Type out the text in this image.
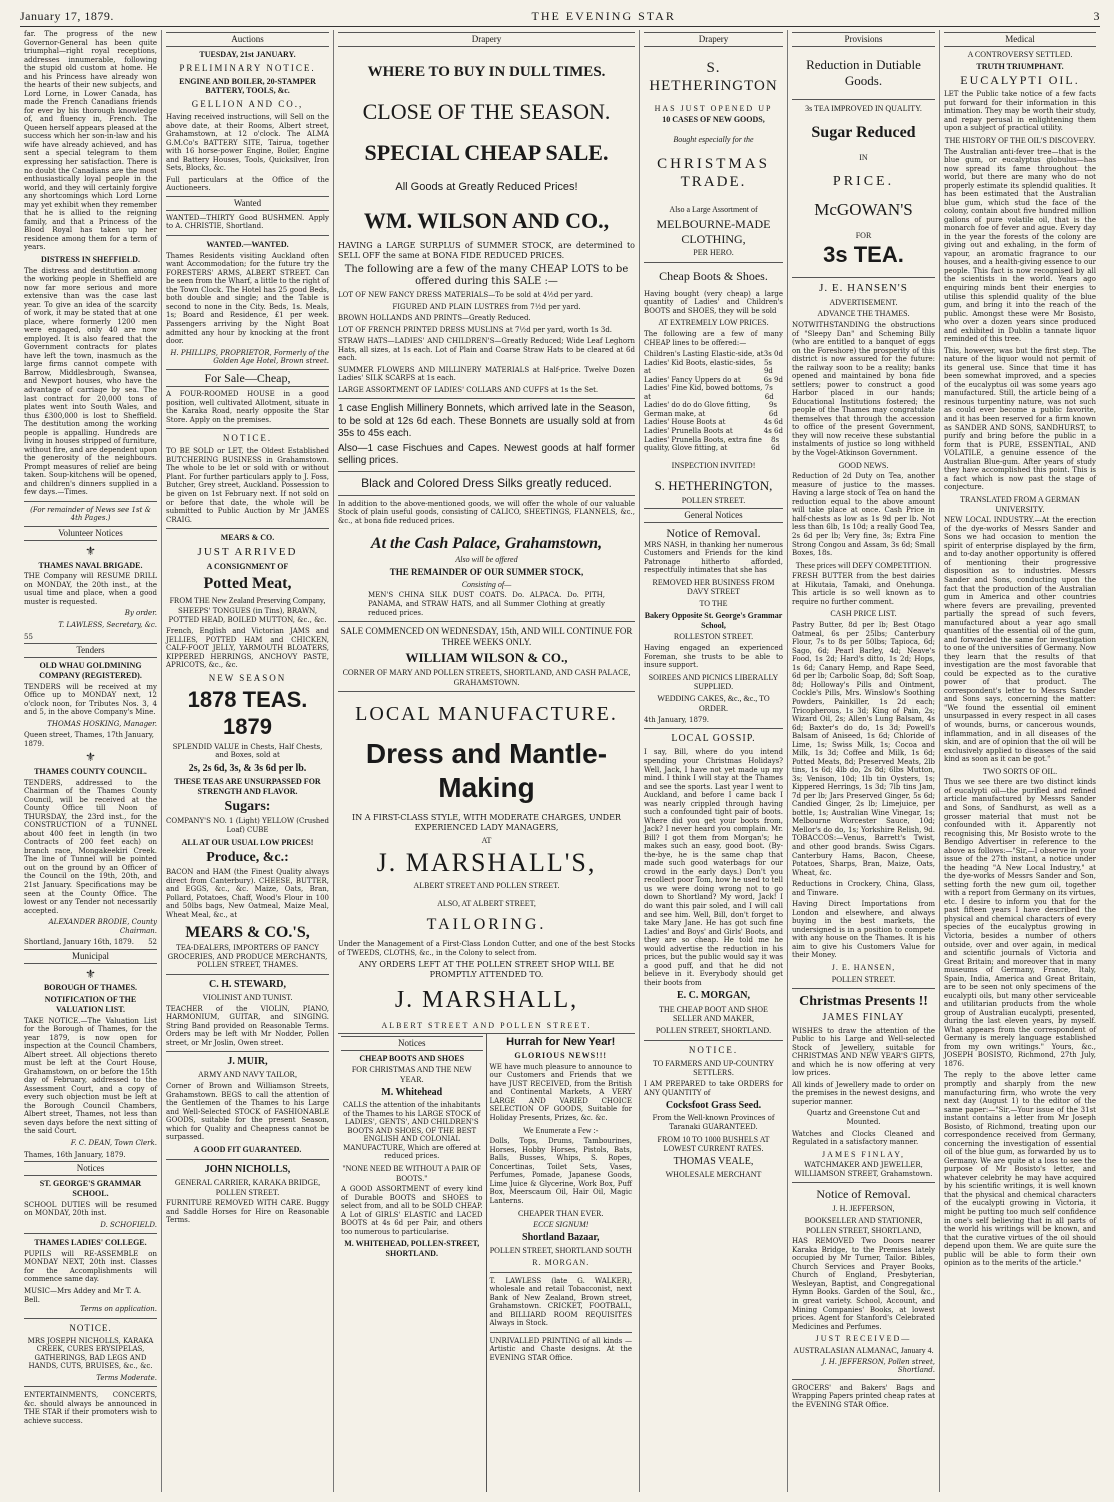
January 17, 1879.	THE EVENING STAR	3

far. The progress of the new Governor-General has been quite triumphal—right royal receptions, addresses innumerable, following the stupid old custom at home. He and his Princess have already won the hearts of their new subjects, and Lord Lorne, in Lower Canada, has made the French Canadians friends for ever by his thorough knowledge of, and fluency in, French. The Queen herself appears pleased at the success which her son-in-law and his wife have already achieved, and has sent a special telegram to them expressing her satisfaction. There is no doubt the Canadians are the most enthusiastically loyal people in the world, and they will certainly forgive any shortcomings which Lord Lorne may yet exhibit when they remember that he is allied to the reigning family, and that a Princess of the Blood Royal has taken up her residence among them for a term of years.

DISTRESS IN SHEFFIELD.

The distress and destitution among the working people in Sheffield are now far more serious and more extensive than was the case last year. To give an idea of the scarcity of work, it may be stated that at one place, where formerly 1200 men were engaged, only 40 are now employed. It is also feared that the Government contracts for plates have left the town, inasmuch as the large firms cannot compete with Barrow, Middlesbrough, Swansea, and Newport houses, who have the advantage of carriage by sea. The last contract for 20,000 tons of plates went into South Wales, and thus £300,000 is lost to Sheffield. The destitution among the working people is appalling. Hundreds are living in houses stripped of furniture, without fire, and are dependent upon the generosity of the neighbours. Prompt measures of relief are being taken. Soup-kitchens will be opened, and children's dinners supplied in a few days.—Times.

(For remainder of News see 1st & 4th Pages.)

Volunteer Notices
⚜
THAMES NAVAL BRIGADE.

THE Company will RESUME DRILL on MONDAY, the 20th inst., at the usual time and place, when a good muster is requested.

By order.
T. LAWLESS, Secretary, &c.
55
Tenders
OLD WHAU GOLDMINING COMPANY (REGISTERED).

TENDERS will be received at my Office up to MONDAY next, 12 o'clock noon, for Tributes Nos. 3, 4 and 5, in the above Company's Mine.

THOMAS HOSKING, Manager.
Queen street, Thames, 17th January, 1879.
⚜
THAMES COUNTY COUNCIL.

TENDERS, addressed to the Chairman of the Thames County Council, will be received at the County Office till Noon of THURSDAY, the 23rd inst., for the CONSTRUCTION of a TUNNEL about 400 feet in length (in two Contracts of 200 feet each) on branch race, Mongakeekiri Creek. The line of Tunnel will be pointed out on the ground by an Officer of the Council on the 19th, 20th, and 21st January. Specifications may be seen at the County Office. The lowest or any Tender not necessarily accepted.

ALEXANDER BRODIE, County Chairman.
Shortland, January 16th, 1879. 52
Municipal
⚜
BOROUGH OF THAMES.
NOTIFICATION OF THE VALUATION LIST.

TAKE NOTICE.—The Valuation List for the Borough of Thames, for the year 1879, is now open for inspection at the Council Chambers, Albert street. All objections thereto must be left at the Court House, Grahamstown, on or before the 15th day of February, addressed to the Assessment Court, and a copy of every such objection must be left at the Borough Council Chambers, Albert street, Thames, not less than seven days before the next sitting of the said Court.

F. C. DEAN, Town Clerk.
Thames, 16th January, 1879.
Notices
ST. GEORGE'S GRAMMAR SCHOOL.

SCHOOL DUTIES will be resumed on MONDAY, 20th inst.

D. SCHOFIELD.
THAMES LADIES' COLLEGE.

PUPILS will RE-ASSEMBLE on MONDAY NEXT, 20th inst. Classes for the Accomplishments will commence same day.

MUSIC—Mrs Addey and Mr T. A. Bell.
Terms on application.
NOTICE.

MRS JOSEPH NICHOLLS, KARAKA CREEK, CURES ERYSIPELAS, GATHERINGS, BAD LEGS AND HANDS, CUTS, BRUISES, &c., &c.

Terms Moderate.

ENTERTAINMENTS, CONCERTS, &c. should always be announced in THE STAR if their promoters wish to achieve success.

Auctions
TUESDAY, 21st JANUARY.
PRELIMINARY NOTICE.
ENGINE AND BOILER, 20-STAMPER BATTERY, TOOLS, &c.
GELLION AND CO.,

Having received instructions, will Sell on the above date, at their Rooms, Albert street, Grahamstown, at 12 o'clock. The ALMA G.M.Co's BATTERY SITE, Tairua, together with 16 horse-power Engine, Boiler, Engine and Battery Houses, Tools, Quicksilver, Iron Sets, Blocks, &c.

Full particulars at the Office of the Auctioneers.

Wanted

WANTED—THIRTY Good BUSHMEN. Apply to A. CHRISTIE, Shortland.

WANTED.—WANTED.

Thames Residents visiting Auckland often want Accommodation; for the future try the FORESTERS' ARMS, ALBERT STREET. Can be seen from the Wharf, a little to the right of the Town Clock. The Hotel has 25 good Beds, both double and single; and the Table is second to none in the City. Beds, 1s. Meals, 1s; Board and Residence, £1 per week. Passengers arriving by the Night Boat admitted any hour by knocking at the front door.

H. PHILLIPS, PROPRIETOR, Formerly of the Golden Age Hotel, Brown street.
For Sale—Cheap,

A FOUR-ROOMED HOUSE in a good position, well cultivated Allotment, situate in the Karaka Road, nearly opposite the Star Store. Apply on the premises.

NOTICE.

TO BE SOLD or LET, the Oldest Established BUTCHERING BUSINESS in Grahamstown. The whole to be let or sold with or without Plant. For further particulars apply to J. Foss, Butcher, Grey street, Auckland. Possession to be given on 1st February next. If not sold on or before that date, the whole will be submitted to Public Auction by Mr JAMES CRAIG.

MEARS & CO.
JUST ARRIVED
A CONSIGNMENT OF
Potted Meat,
FROM THE New Zealand Preserving Company,

SHEEPS' TONGUES (in Tins), BRAWN, POTTED HEAD, BOILED MUTTON, &c., &c.

French, English and Victorian JAMS and JELLIES, POTTED HAM and CHICKEN, CALF-FOOT JELLY, YARMOUTH BLOATERS, KIPPERED HERRINGS, ANCHOVY PASTE, APRICOTS, &c., &c.

NEW SEASON
1878 TEAS. 1879

SPLENDID VALUE in Chests, Half Chests, and Boxes, sold at

2s, 2s 6d, 3s, & 3s 6d per lb.
THESE TEAS ARE UNSURPASSED FOR STRENGTH AND FLAVOR.
Sugars:

COMPANY'S NO. 1 (Light) YELLOW (Crushed Loaf) CUBE

ALL AT OUR USUAL LOW PRICES!
Produce, &c.:

BACON and HAM (the Finest Quality always direct from Canterbury). CHEESE, BUTTER, and EGGS, &c., &c. Maize, Oats, Bran, Pollard, Potatoes, Chaff, Wood's Flour in 100 and 50lbs bags, New Oatmeal, Maize Meal, Wheat Meal, &c., at

MEARS & CO.'S,

TEA-DEALERS, IMPORTERS OF FANCY GROCERIES, AND PRODUCE MERCHANTS, POLLEN STREET, THAMES.

C. H. STEWARD,
VIOLINIST AND TUNIST.

TEACHER of the VIOLIN, PIANO, HARMONIUM, GUITAR, and SINGING. String Band provided on Reasonable Terms. Orders may be left with Mr Nodder, Pollen street, or Mr Joslin, Owen street.

J. MUIR,
ARMY AND NAVY TAILOR,

Corner of Brown and Williamson Streets, Grahamstown. BEGS to call the attention of the Gentlemen of the Thames to his Large and Well-Selected STOCK of FASHIONABLE GOODS, suitable for the present Season, which for Quality and Cheapness cannot be surpassed.

A GOOD FIT GUARANTEED.
JOHN NICHOLLS,
GENERAL CARRIER, KARAKA BRIDGE, POLLEN STREET.

FURNITURE REMOVED WITH CARE. Buggy and Saddle Horses for Hire on Reasonable Terms.

Drapery
WHERE TO BUY IN DULL TIMES.
CLOSE OF THE SEASON.
SPECIAL CHEAP SALE.
All Goods at Greatly Reduced Prices!
WM. WILSON AND CO.,

HAVING a LARGE SURPLUS of SUMMER STOCK, are determined to SELL OFF the same at BONA FIDE REDUCED PRICES.

The following are a few of the many CHEAP LOTS to be offered during this SALE :—

LOT OF NEW FANCY DRESS MATERIALS—To be sold at 4½d per yard.

FIGURED AND PLAIN LUSTRES from 7½d per yard.

BROWN HOLLANDS AND PRINTS—Greatly Reduced.

LOT OF FRENCH PRINTED DRESS MUSLINS at 7½d per yard, worth 1s 3d.

STRAW HATS—LADIES' AND CHILDREN'S—Greatly Reduced; Wide Leaf Leghorn Hats, all sizes, at 1s each. Lot of Plain and Coarse Straw Hats to be cleared at 6d each.

SUMMER FLOWERS AND MILLINERY MATERIALS at Half-price. Twelve Dozen Ladies' SILK SCARFS at 1s each.

LARGE ASSORTMENT OF LADIES' COLLARS AND CUFFS at 1s the Set.

1 case English Millinery Bonnets, which arrived late in the Season, to be sold at 12s 6d each. These Bonnets are usually sold at from 35s to 45s each.

Also—1 case Fischues and Capes. Newest goods at half former selling prices.

Black and Colored Dress Silks greatly reduced.

In addition to the above-mentioned goods, we will offer the whole of our valuable Stock of plain useful goods, consisting of CALICO, SHEETINGS, FLANNELS, &c., &c., at bona fide reduced prices.

At the Cash Palace, Grahamstown,
Also will be offered
THE REMAINDER OF OUR SUMMER STOCK,
Consisting of—

MEN'S CHINA SILK DUST COATS. Do. ALPACA. Do. PITH, PANAMA, and STRAW HATS, and all Summer Clothing at greatly reduced prices.

SALE COMMENCED ON WEDNESDAY, 15th, AND WILL CONTINUE FOR THREE WEEKS ONLY.
WILLIAM WILSON & CO.,
CORNER OF MARY AND POLLEN STREETS, SHORTLAND, AND CASH PALACE, GRAHAMSTOWN.
LOCAL MANUFACTURE.
Dress and Mantle-Making

IN A FIRST-CLASS STYLE, WITH MODERATE CHARGES, UNDER EXPERIENCED LADY MANAGERS,

AT
J. MARSHALL'S,
ALBERT STREET AND POLLEN STREET.
ALSO, AT ALBERT STREET,
TAILORING.

Under the Management of a First-Class London Cutter, and one of the best Stocks of TWEEDS, CLOTHS, &c., in the Colony to select from.

ANY ORDERS LEFT AT THE POLLEN STREET SHOP WILL BE PROMPTLY ATTENDED TO.

J. MARSHALL,
ALBERT STREET AND POLLEN STREET.
Notices
CHEAP BOOTS AND SHOES
FOR CHRISTMAS AND THE NEW YEAR.
M. Whitehead

CALLS the attention of the inhabitants of the Thames to his LARGE STOCK of LADIES', GENTS', AND CHILDREN'S BOOTS AND SHOES, OF THE BEST ENGLISH AND COLONIAL MANUFACTURE, Which are offered at reduced prices.

"NONE NEED BE WITHOUT A PAIR OF BOOTS."

A GOOD ASSORTMENT of every kind of Durable BOOTS and SHOES to select from, and all to be SOLD CHEAP. A Lot of GIRLS' ELASTIC and LACED BOOTS at 4s 6d per Pair, and others too numerous to particularise.

M. WHITEHEAD, POLLEN-STREET, SHORTLAND.
Hurrah for New Year!
GLORIOUS NEWS!!!

WE have much pleasure to announce to our Customers and Friends that we have JUST RECEIVED, from the British and Continental Markets, A VERY LARGE AND VARIED CHOICE SELECTION OF GOODS, Suitable for Holiday Presents, Prizes, &c. &c.

We Enumerate a Few :-

Dolls, Tops, Drums, Tambourines, Horses, Hobby Horses, Pistols, Bats, Balls, Busses, Whips, S. Ropes, Concertinas, Toilet Sets, Vases, Perfumes, Pomade, Japanese Goods, Lime Juice & Glycerine, Work Box, Puff Box, Meerscaum Oil, Hair Oil, Magic Lanterns.

CHEAPER THAN EVER.
ECCE SIGNUM!
Shortland Bazaar,
POLLEN STREET, SHORTLAND SOUTH
R. MORGAN.

T. LAWLESS (late G. WALKER), wholesale and retail Tobacconist, next Bank of New Zealand, Brown street, Grahamstown. CRICKET, FOOTBALL, and BILLIARD ROOM REQUISITES Always in Stock.

UNRIVALLED PRINTING of all kinds —Artistic and Chaste designs. At the EVENING STAR Office.

Drapery
S. HETHERINGTON
HAS JUST OPENED UP
10 CASES OF NEW GOODS,
Bought especially for the
CHRISTMAS
TRADE.
Also a Large Assortment of
MELBOURNE-MADE
CLOTHING,
PER HERO.
Cheap Boots & Shoes.

Having bought (very cheap) a large quantity of Ladies' and Children's BOOTS and SHOES, they will be sold

AT EXTREMELY LOW PRICES.

The following are a few of many CHEAP lines to be offered:—

Children's Lasting Elastic-side, at 3s 0d
Ladies' Kid Boots, elastic-sides, at
5s 9d
Ladies' Fancy Uppers do at	6s 9d
Ladies' Fine Kid, bowed bottoms, at
7s 6d
Ladies' do do do Glove fitting, German make, at
9s 6d
Ladies' House Boots at	4s 6d
Ladies' Prunella Boots at	4s 6d
Ladies' Prunella Boots, extra fine quality, Glove fitting, at
8s 6d
INSPECTION INVITED!
S. HETHERINGTON,
POLLEN STREET.
General Notices
Notice of Removal.

MRS NASH, in thanking her numerous Customers and Friends for the kind Patronage hitherto afforded, respectfully intimates that she has

REMOVED HER BUSINESS FROM DAVY STREET
TO THE
Bakery Opposite St. George's Grammar School,
ROLLESTON STREET.

Having engaged an experienced Foreman, she trusts to be able to insure support.

SOIREES AND PICNICS LIBERALLY SUPPLIED.
WEDDING CAKES, &c., &c., TO ORDER.
4th January, 1879.
LOCAL GOSSIP.

I say, Bill, where do you intend spending your Christmas Holidays? Well, Jack, I have not yet made up my mind. I think I will stay at the Thames and see the sports. Last year I went to Auckland, and before I came back I was nearly crippled through having such a confounded tight pair of boots. Where did you get your boots from, Jack? I never heard you complain. Mr. Bill? I got them from Morgan's; he makes such an easy, good boot. (By-the-bye, he is the same chap that made such good waterbags for our crowd in the early days.) Don't you recollect poor Tom, how he used to tell us we were doing wrong not to go down to Shortland? My word, Jack! I do want this pair soled, and I will call and see him. Well, Bill, don't forget to take Mary Jane. He has got such fine Ladies' and Boys' and Girls' Boots, and they are so cheap. He told me he would advertise the reduction in his prices, but the public would say it was a good puff, and that he did not believe in it. Everybody should get their boots from

E. C. MORGAN,
THE CHEAP BOOT AND SHOE SELLER AND MAKER,
POLLEN STREET, SHORTLAND.
NOTICE.
TO FARMERS AND UP-COUNTRY SETTLERS.

I AM PREPARED to take ORDERS for ANY QUANTITY of

Cocksfoot Grass Seed.

From the Well-known Provinces of Taranaki GUARANTEED.

FROM 10 TO 1000 BUSHELS AT LOWEST CURRENT RATES.
THOMAS VEALE,
WHOLESALE MERCHANT
Provisions
Reduction in Dutiable Goods.
3s TEA IMPROVED IN QUALITY.
Sugar Reduced
IN
PRICE.
McGOWAN'S
FOR
3s TEA.
J. E. HANSEN'S
ADVERTISEMENT.
ADVANCE THE THAMES.

NOTWITHSTANDING the obstructions of "Sleepy Dan" and Scheming Billy (who are entitled to a banquet of eggs on the Foreshore) the prosperity of this district is now assured for the future: the railway soon to be a reality; banks opened and maintained by bona fide settlers; power to construct a good Harbor placed in our hands; Educational Institutions fostered; the people of the Thames may congratulate themselves that through the accession to office of the present Government, they will now receive these substantial instalments of justice so long withheld by the Vogel-Atkinson Government.

GOOD NEWS.

Reduction of 2d Duty on Tea, another measure of justice to the masses. Having a large stock of Tea on hand the reduction equal to the above amount will take place at once. Cash Price in half-chests as low as 1s 9d per lb. Not less than 6lb, 1s 10d; a really Good Tea, 2s 6d per lb; Very fine, 3s; Extra Fine Strong Congou and Assam, 3s 6d; Small Boxes, 18s.

These prices will DEFY COMPETITION.

FRESH BUTTER from the best dairies at Hikutaia, Tamaki, and Onehunga. This article is so well known as to require no further comment.

CASH PRICE LIST.

Pastry Butter, 8d per lb; Best Otago Oatmeal, 6s per 25lbs; Canterbury Flour, 7s to 8s per 50lbs; Tapioca, 6d; Sago, 6d; Pearl Barley, 4d; Neave's Food, 1s 2d; Hard's ditto, 1s 2d; Hops, 1s 6d; Canary Hemp, and Rape Seed, 6d per lb; Carbolic Soap, 8d; Soft Soap, 8d; Holloway's Pills and Ointment, Cockle's Pills, Mrs. Winslow's Soothing Powders, Painkiller, 1s 2d each; Tricopherous, 1s 3d; King of Pain, 2s; Wizard Oil, 2s; Allen's Lung Balsam, 4s 6d; Baxter's do do, 1s 3d; Powell's Balsam of Aniseed, 1s 6d; Chloride of Lime, 1s; Swiss Milk, 1s; Cocoa and Milk, 1s 3d; Coffee and Milk, 1s 6d; Potted Meats, 8d; Preserved Meats, 2lb tins, 1s 6d; 4lb do, 2s 8d; 6lbs Mutton, 3s; Venison, 10d; 1lb tin Oysters, 1s; Kippered Herrings, 1s 3d; 7lb tins Jam, 7d per lb; Jars Preserved Ginger, 5s 6d; Candied Ginger, 2s lb; Limejuice, per bottle, 1s; Australian Wine Vinegar, 1s; Melbourne Worcester Sauce, 10d; Mellor's do do, 1s; Yorkshire Relish, 9d. TOBACCOS:—Venus, Barrett's Twist, and other good brands. Swiss Cigars. Canterbury Hams, Bacon, Cheese, Potatoes, Sharps, Bran, Maize, Oats, Wheat, &c.

Reductions in Crockery, China, Glass, and Tinware.

Having Direct Importations from London and elsewhere, and always buying in the best markets, the undersigned is in a position to compete with any house on the Thames. It is his aim to give his Customers Value for their Money.

J. E. HANSEN,
POLLEN STREET.
Christmas Presents !!
JAMES FINLAY

WISHES to draw the attention of the Public to his Large and Well-selected Stock of Jewellery, suitable for CHRISTMAS AND NEW YEAR'S GIFTS, and which he is now offering at very low prices.

All kinds of Jewellery made to order on the premises in the newest designs, and superior manner.

Quartz and Greenstone Cut and Mounted.

Watches and Clocks Cleaned and Regulated in a satisfactory manner.

JAMES FINLAY,

WATCHMAKER AND JEWELLER, WILLIAMSON STREET, Grahamstown.

Notice of Removal.
J. H. JEFFERSON,
BOOKSELLER AND STATIONER, POLLEN STREET, SHORTLAND,

HAS REMOVED Two Doors nearer Karaka Bridge, to the Premises lately occupied by Mr Turner, Tailor. Bibles, Church Services and Prayer Books, Church of England, Presbyterian, Wesleyan, Baptist, and Congregational Hymn Books. Garden of the Soul, &c., in great variety. School, Account, and Mining Companies' Books, at lowest prices. Agent for Stanford's Celebrated Medicines and Perfumes.

JUST RECEIVED—
AUSTRALASIAN ALMANAC, January 4.
J. H. JEFFERSON, Pollen street, Shortland.

GROCERS' and Bakers' Bags and Wrapping Papers printed cheap rates at the EVENING STAR Office.

Medical
A CONTROVERSY SETTLED.
TRUTH TRIUMPHANT.
EUCALYPTI OIL.

LET the Public take notice of a few facts put forward for their information in this intimation. They may be worth their study, and repay perusal in enlightening them upon a subject of practical utility.

THE HISTORY OF THE OIL'S DISCOVERY.

The Australian anti-fever tree—that is the blue gum, or eucalyptus globulus—has now spread its fame throughout the world, but there are many who do not properly estimate its splendid qualities. It has been estimated that the Australian blue gum, which stud the face of the colony, contain about five hundred million gallons of pure volatile oil, that is the monarch foe of fever and ague. Every day in the year the forests of the colony are giving out and exhaling, in the form of vapour, an aromatic fragrance to our houses, and a health-giving essence to our people. This fact is now recognised by all the scientists in the world. Years ago enquiring minds bent their energies to utilise this splendid quality of the blue gum, and bring it into the reach of the public. Amongst these were Mr Bosisto, who over a dozen years since produced and exhibited in Dublin a tannate liquor reminded of this tree.

This, however, was but the first step. The nature of the liquor would not permit of its general use. Since that time it has been somewhat improved, and a species of the eucalyptus oil was some years ago manufactured. Still, the article being of a resinous turpentiny nature, was not such as could ever become a public favorite, and it has been reserved for a firm known as SANDER AND SONS, SANDHURST, to purify and bring before the public in a form that is PURE, ESSENTIAL, AND VOLATILE, a genuine essence of the Australian Blue-gum. After years of study they have accomplished this point. This is a fact which is now past the stage of conjecture.

TRANSLATED FROM A GERMAN UNIVERSITY.

NEW LOCAL INDUSTRY.—At the erection of the dye-works of Messrs Sander and Sons we had occasion to mention the spirit of enterprise displayed by the firm, and to-day another opportunity is offered of mentioning their progressive disposition as to industries. Messrs Sander and Sons, conducting upon the fact that the production of the Australian gum in America and other countries where fevers are prevailing, prevented partially the spread of such fevers, manufactured about a year ago small quantities of the essential oil of the gum, and forwarded the same for investigation to one of the universities of Germany. Now they learn that the results of that investigation are the most favorable that could be expected as to the curative power of that product. The correspondent's letter to Messrs Sander and Sons says, concerning the matter: "We found the essential oil eminent unsurpassed in every respect in all cases of wounds, burns, or cancerous wounds, inflammation, and in all diseases of the skin, and are of opinion that the oil will be exclusively applied to diseases of the said kind as soon as it can be got."

TWO SORTS OF OIL.

Thus we see there are two distinct kinds of eucalypti oil—the purified and refined article manufactured by Messrs Sander and Sons, of Sandhurst, as well as a grosser material that must not be confounded with it. Apparently not recognising this, Mr Bosisto wrote to the Bendigo Advertiser in reference to the above as follows:—"Sir,—I observe in your issue of the 27th instant, a notice under the heading "A New Local Industry," at the dye-works of Messrs Sander and Son, setting forth the new gum oil, together with a report from Germany on its virtues, etc. I desire to inform you that for the past fifteen years I have described the physical and chemical characters of every species of the eucalyptus growing in Victoria, besides a number of others outside, over and over again, in medical and scientific journals of Victoria and Great Britain; and moreover that in many museums of Germany, France, Italy, Spain, India, America and Great Britain, are to be seen not only specimens of the eucalypti oils, but many other serviceable and utilitarian products from the whole group of Australian eucalypti, presented, during the last eleven years, by myself. What appears from the correspondent of Germany is merely language established from my own writings." Yours, &c., JOSEPH BOSISTO, Richmond, 27th July, 1876.

The reply to the above letter came promptly and sharply from the new manufacturing firm, who wrote the very next day (August 1) to the editor of the same paper:—"Sir,—Your issue of the 31st instant contains a letter from Mr Joseph Bosisto, of Richmond, treating upon our correspondence received from Germany, concerning the investigation of essential oil of the blue gum, as forwarded by us to Germany. We are quite at a loss to see the purpose of Mr Bosisto's letter, and whatever celebrity he may have acquired by his scientific writings, it is well known that the physical and chemical characters of the eucalypti growing in Victoria, it might be putting too much self confidence in one's self believing that in all parts of the world his writings will be known, and that the curative virtues of the oil should depend upon them. We are quite sure the public will be able to form their own opinion as to the merits of the article."
